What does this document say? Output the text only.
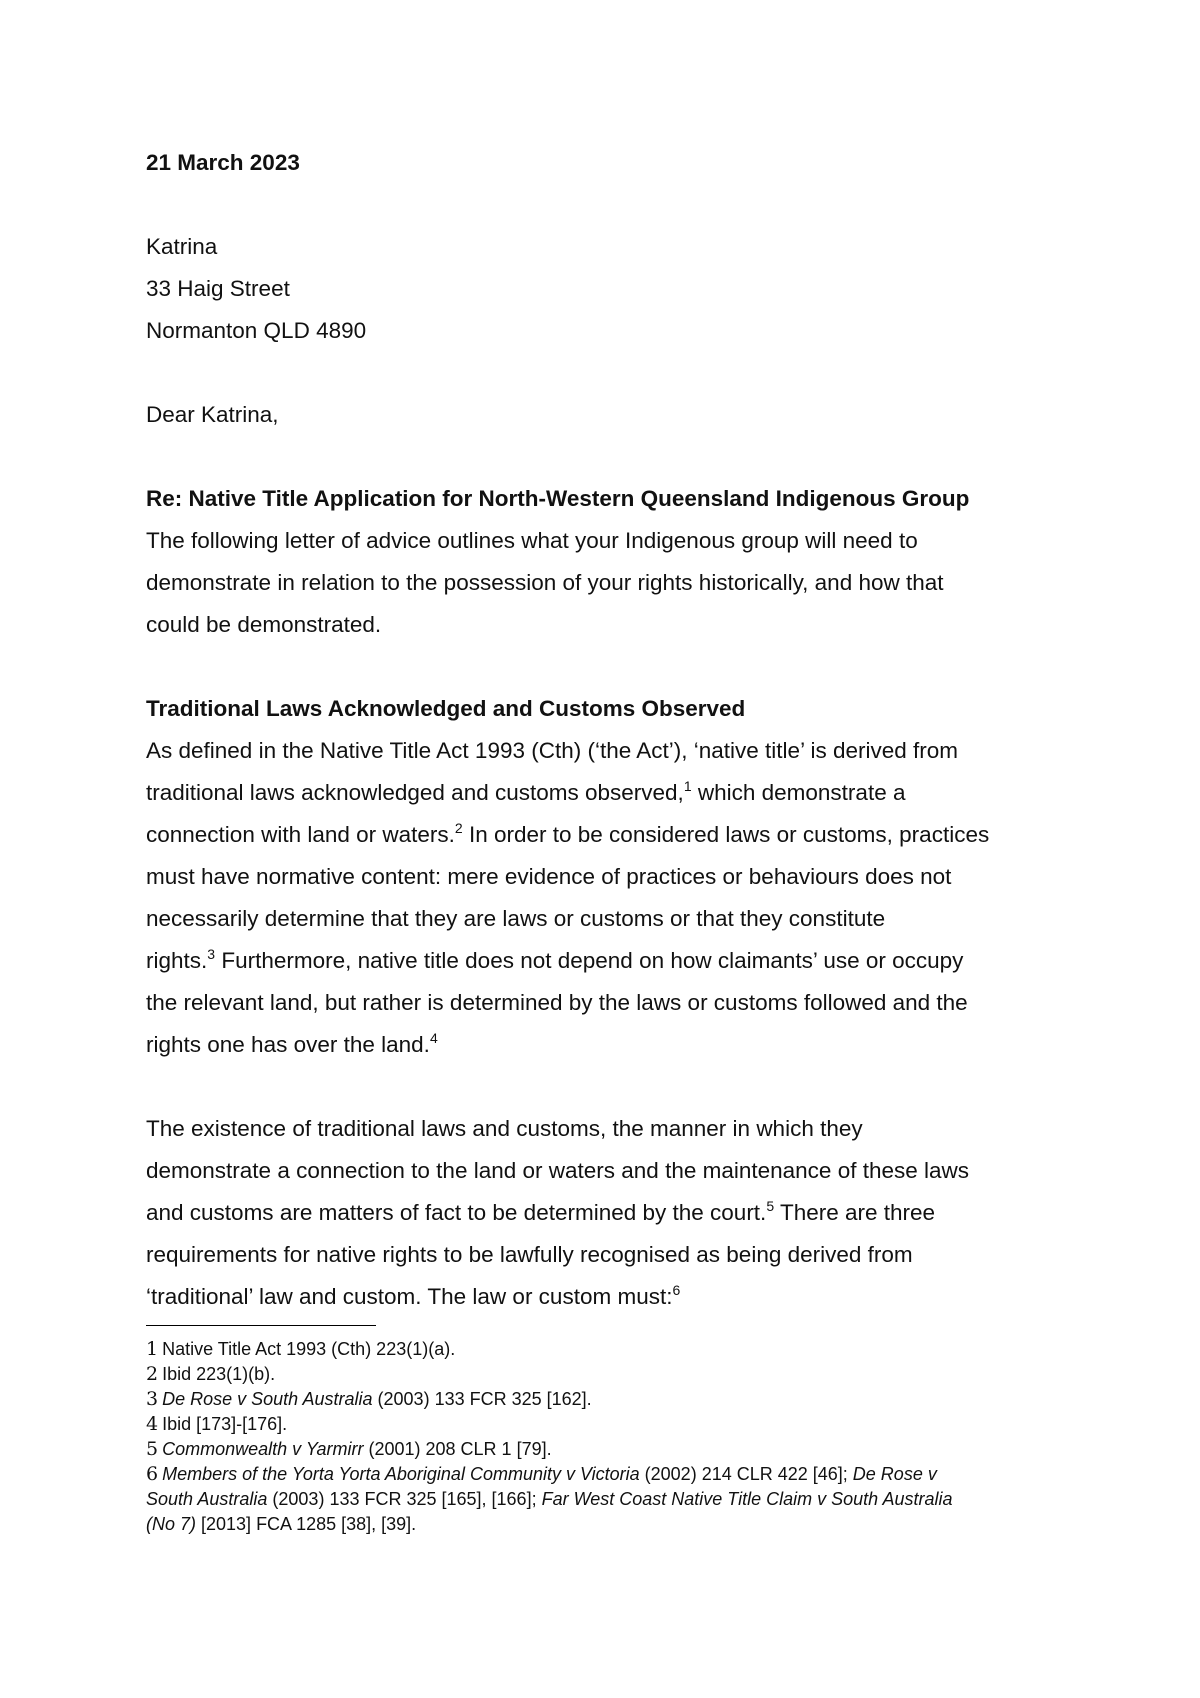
21 March 2023
Katrina
33 Haig Street
Normanton QLD 4890
Dear Katrina,
Re: Native Title Application for North-Western Queensland Indigenous Group
The following letter of advice outlines what your Indigenous group will need to
demonstrate in relation to the possession of your rights historically, and how that
could be demonstrated.
Traditional Laws Acknowledged and Customs Observed
As defined in the Native Title Act 1993 (Cth) (‘the Act’), ‘native title’ is derived from
traditional laws acknowledged and customs observed,$^1$ which demonstrate a
connection with land or waters.$^2$ In order to be considered laws or customs, practices
must have normative content: mere evidence of practices or behaviours does not
necessarily determine that they are laws or customs or that they constitute
rights.$^3$ Furthermore, native title does not depend on how claimants’ use or occupy
the relevant land, but rather is determined by the laws or customs followed and the
rights one has over the land.$^4$
The existence of traditional laws and customs, the manner in which they
demonstrate a connection to the land or waters and the maintenance of these laws
and customs are matters of fact to be determined by the court.$^5$ There are three
requirements for native rights to be lawfully recognised as being derived from
‘traditional’ law and custom. The law or custom must:$^6$
1 Native Title Act 1993 (Cth) 223(1)(a).
2 Ibid 223(1)(b).
3 De Rose v South Australia (2003) 133 FCR 325 [162].
4 Ibid [173]-[176].
5 Commonwealth v Yarmirr (2001) 208 CLR 1 [79].
6 Members of the Yorta Yorta Aboriginal Community v Victoria (2002) 214 CLR 422 [46]; De Rose v
South Australia (2003) 133 FCR 325 [165], [166]; Far West Coast Native Title Claim v South Australia
(No 7) [2013] FCA 1285 [38], [39].
